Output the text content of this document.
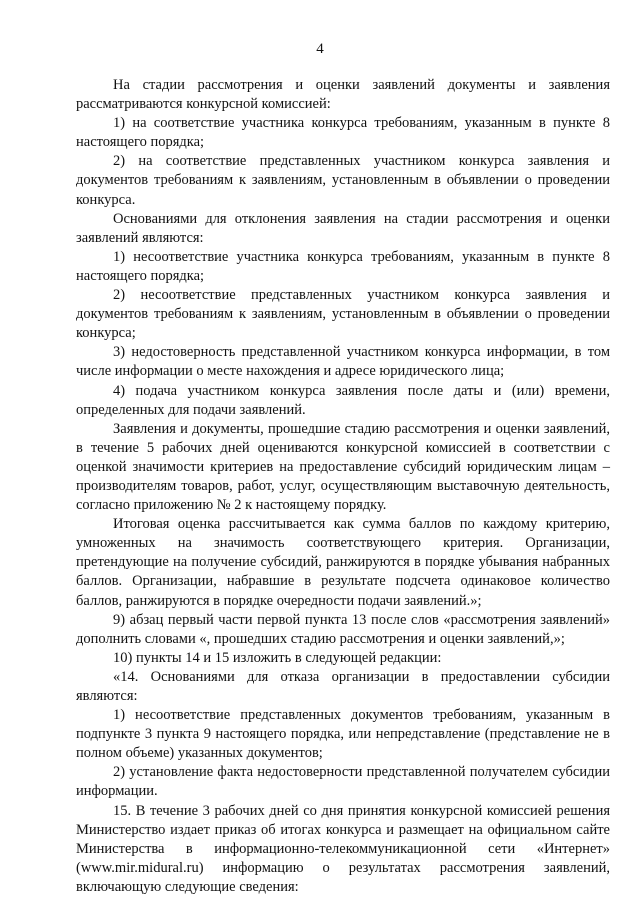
4

На стадии рассмотрения и оценки заявлений документы и заявления рассматриваются конкурсной комиссией:

1) на соответствие участника конкурса требованиям, указанным в пункте 8 настоящего порядка;

2) на соответствие представленных участником конкурса заявления и документов требованиям к заявлениям, установленным в объявлении о проведении конкурса.

Основаниями для отклонения заявления на стадии рассмотрения и оценки заявлений являются:

1) несоответствие участника конкурса требованиям, указанным в пункте 8 настоящего порядка;

2) несоответствие представленных участником конкурса заявления и документов требованиям к заявлениям, установленным в объявлении о проведении конкурса;

3) недостоверность представленной участником конкурса информации, в том числе информации о месте нахождения и адресе юридического лица;

4) подача участником конкурса заявления после даты и (или) времени, определенных для подачи заявлений.

Заявления и документы, прошедшие стадию рассмотрения и оценки заявлений, в течение 5 рабочих дней оцениваются конкурсной комиссией в соответствии с оценкой значимости критериев на предоставление субсидий юридическим лицам – производителям товаров, работ, услуг, осуществляющим выставочную деятельность, согласно приложению № 2 к настоящему порядку.

Итоговая оценка рассчитывается как сумма баллов по каждому критерию, умноженных на значимость соответствующего критерия. Организации, претендующие на получение субсидий, ранжируются в порядке убывания набранных баллов. Организации, набравшие в результате подсчета одинаковое количество баллов, ранжируются в порядке очередности подачи заявлений.»;

9) абзац первый части первой пункта 13 после слов «рассмотрения заявлений» дополнить словами «, прошедших стадию рассмотрения и оценки заявлений,»;

10) пункты 14 и 15 изложить в следующей редакции:

«14. Основаниями для отказа организации в предоставлении субсидии являются:

1) несоответствие представленных документов требованиям, указанным в подпункте 3 пункта 9 настоящего порядка, или непредставление (представление не в полном объеме) указанных документов;

2) установление факта недостоверности представленной получателем субсидии информации.

15. В течение 3 рабочих дней со дня принятия конкурсной комиссией решения Министерство издает приказ об итогах конкурса и размещает на официальном сайте Министерства в информационно-телекоммуникационной сети «Интернет» (www.mir.midural.ru) информацию о результатах рассмотрения заявлений, включающую следующие сведения:
